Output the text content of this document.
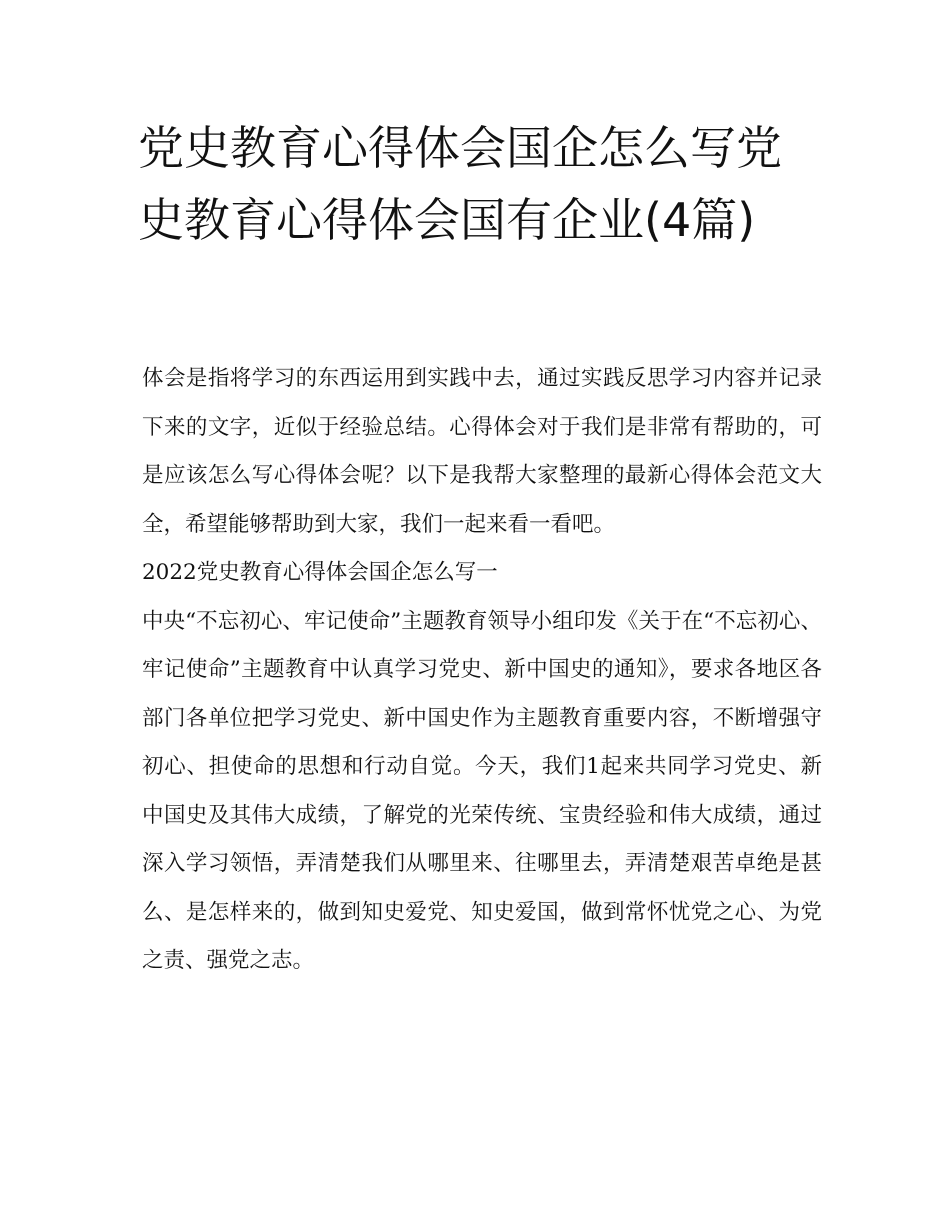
党史教育心得体会国企怎么写党史教育心得体会国有企业(4篇)

体会是指将学习的东西运用到实践中去，通过实践反思学习内容并记录下来的文字，近似于经验总结。心得体会对于我们是非常有帮助的，可是应该怎么写心得体会呢？以下是我帮大家整理的最新心得体会范文大全，希望能够帮助到大家，我们一起来看一看吧。

2022党史教育心得体会国企怎么写一

中央“不忘初心、牢记使命”主题教育领导小组印发《关于在“不忘初心、牢记使命”主题教育中认真学习党史、新中国史的通知》，要求各地区各部门各单位把学习党史、新中国史作为主题教育重要内容，不断增强守初心、担使命的思想和行动自觉。今天，我们1起来共同学习党史、新中国史及其伟大成绩，了解党的光荣传统、宝贵经验和伟大成绩，通过深入学习领悟，弄清楚我们从哪里来、往哪里去，弄清楚艰苦卓绝是甚么、是怎样来的，做到知史爱党、知史爱国，做到常怀忧党之心、为党之责、强党之志。
